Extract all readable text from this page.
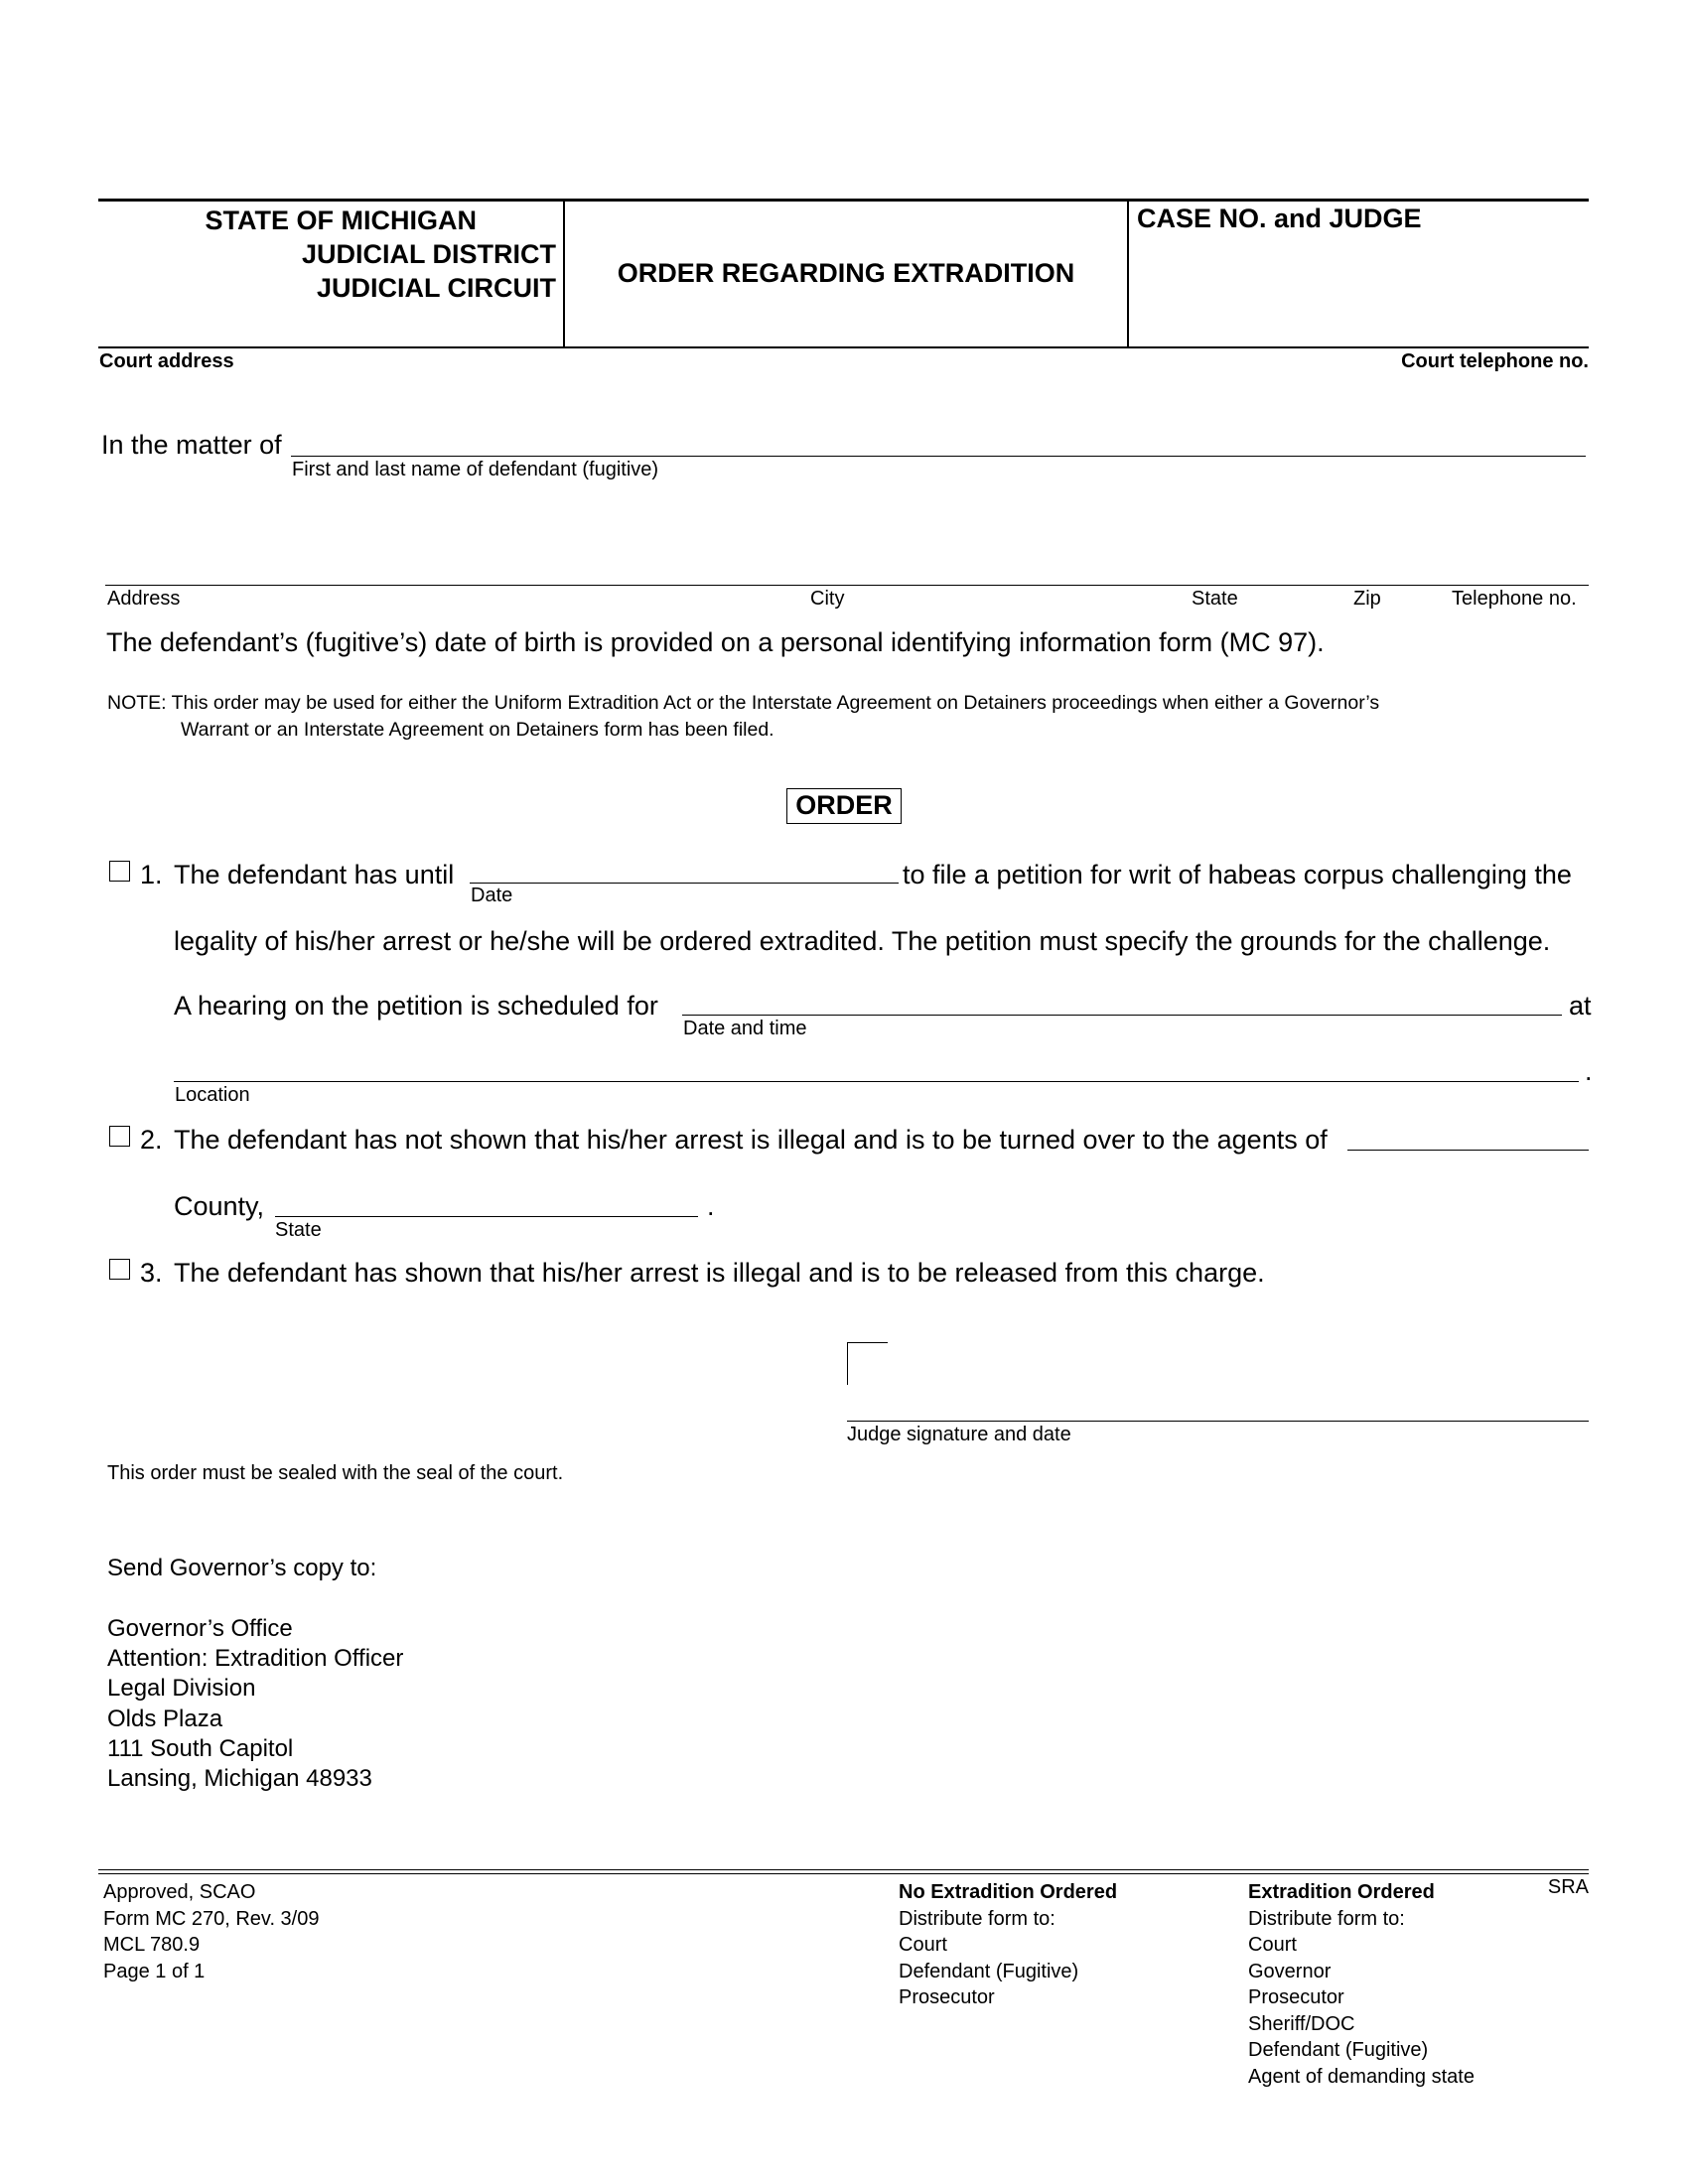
STATE OF MICHIGAN
JUDICIAL DISTRICT
JUDICIAL CIRCUIT	ORDER REGARDING EXTRADITION
CASE NO. and JUDGE
Court address	Court telephone no.
In the matter of
First and last name of defendant (fugitive)
Address	City	State	Zip	Telephone no.
The defendant’s (fugitive’s) date of birth is provided on a personal identifying information form (MC 97).
NOTE: This order may be used for either the Uniform Extradition Act or the Interstate Agreement on Detainers proceedings when either a Governor’s
Warrant or an Interstate Agreement on Detainers form has been filed.
ORDER
1. The defendant has until
Date
to file a petition for writ of habeas corpus challenging the
legality of his/her arrest or he/she will be ordered extradited. The petition must specify the grounds for the challenge.
A hearing on the petition is scheduled for
Date and time
at
.
Location
2. The defendant has not shown that his/her arrest is illegal and is to be turned over to the agents of
County,	.
State
3. The defendant has shown that his/her arrest is illegal and is to be released from this charge.
Judge signature and date
This order must be sealed with the seal of the court.
Send Governor’s copy to:
Governor’s Office
Attention: Extradition Officer
Legal Division
Olds Plaza
111 South Capitol
Lansing, Michigan 48933
Approved, SCAO
Form MC 270, Rev. 3/09
MCL 780.9
Page 1 of 1
No Extradition Ordered
Distribute form to:
Court
Defendant (Fugitive)
Prosecutor
Extradition Ordered
Distribute form to:
Court
Governor
Prosecutor
Sheriff/DOC
Defendant (Fugitive)
Agent of demanding state
SRA
